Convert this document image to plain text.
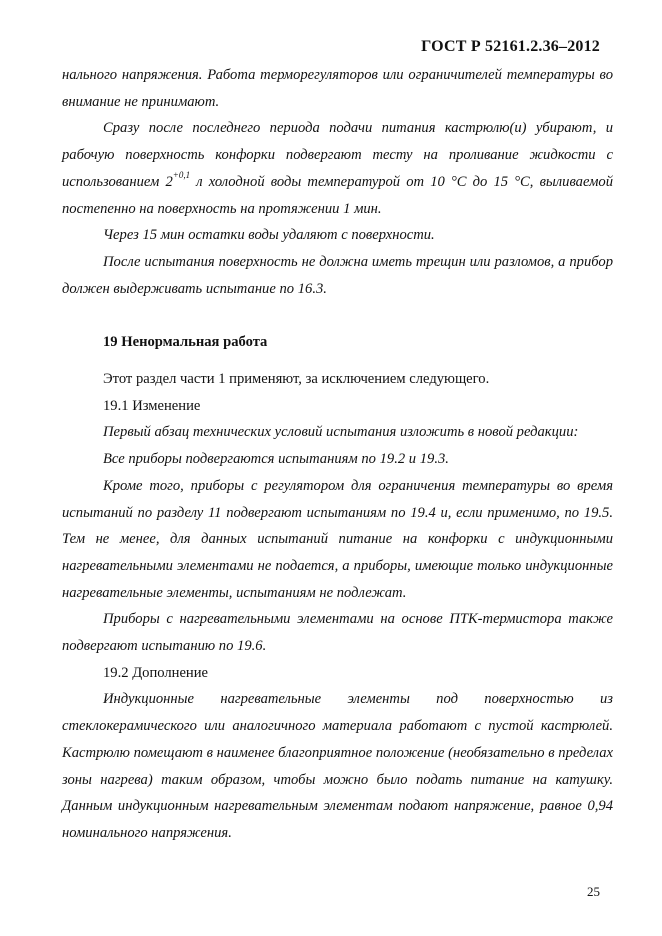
ГОСТ Р 52161.2.36–2012

нального напряжения. Работа терморегуляторов или ограничителей температуры во внимание не принимают.

Сразу после последнего периода подачи питания кастрюлю(и) убирают, и рабочую поверхность конфорки подвергают тесту на проливание жидкости с использованием $2^{+0,1}$ л холодной воды температурой от 10 °С до 15 °С, выливаемой постепенно на поверхность на протяжении 1 мин.

Через 15 мин остатки воды удаляют с поверхности.

После испытания поверхность не должна иметь трещин или разломов, а прибор должен выдерживать испытание по 16.3.

19 Ненормальная работа

Этот раздел части 1 применяют, за исключением следующего.

19.1 Изменение

Первый абзац технических условий испытания изложить в новой редакции:

Все приборы подвергаются испытаниям по 19.2 и 19.3.

Кроме того, приборы с регулятором для ограничения температуры во время испытаний по разделу 11 подвергают испытаниям по 19.4 и, если применимо, по 19.5. Тем не менее, для данных испытаний питание на конфорки с индукционными нагревательными элементами не подается, а приборы, имеющие только индукционные нагревательные элементы, испытаниям не подлежат.

Приборы с нагревательными элементами на основе ПТК-термистора также подвергают испытанию по 19.6.

19.2 Дополнение

Индукционные нагревательные элементы под поверхностью из стеклокерамического или аналогичного материала работают с пустой кастрюлей. Кастрюлю помещают в наименее благоприятное положение (необязательно в пределах зоны нагрева) таким образом, чтобы можно было подать питание на катушку. Данным индукционным нагревательным элементам подают напряжение, равное 0,94 номинального напряжения.

25
